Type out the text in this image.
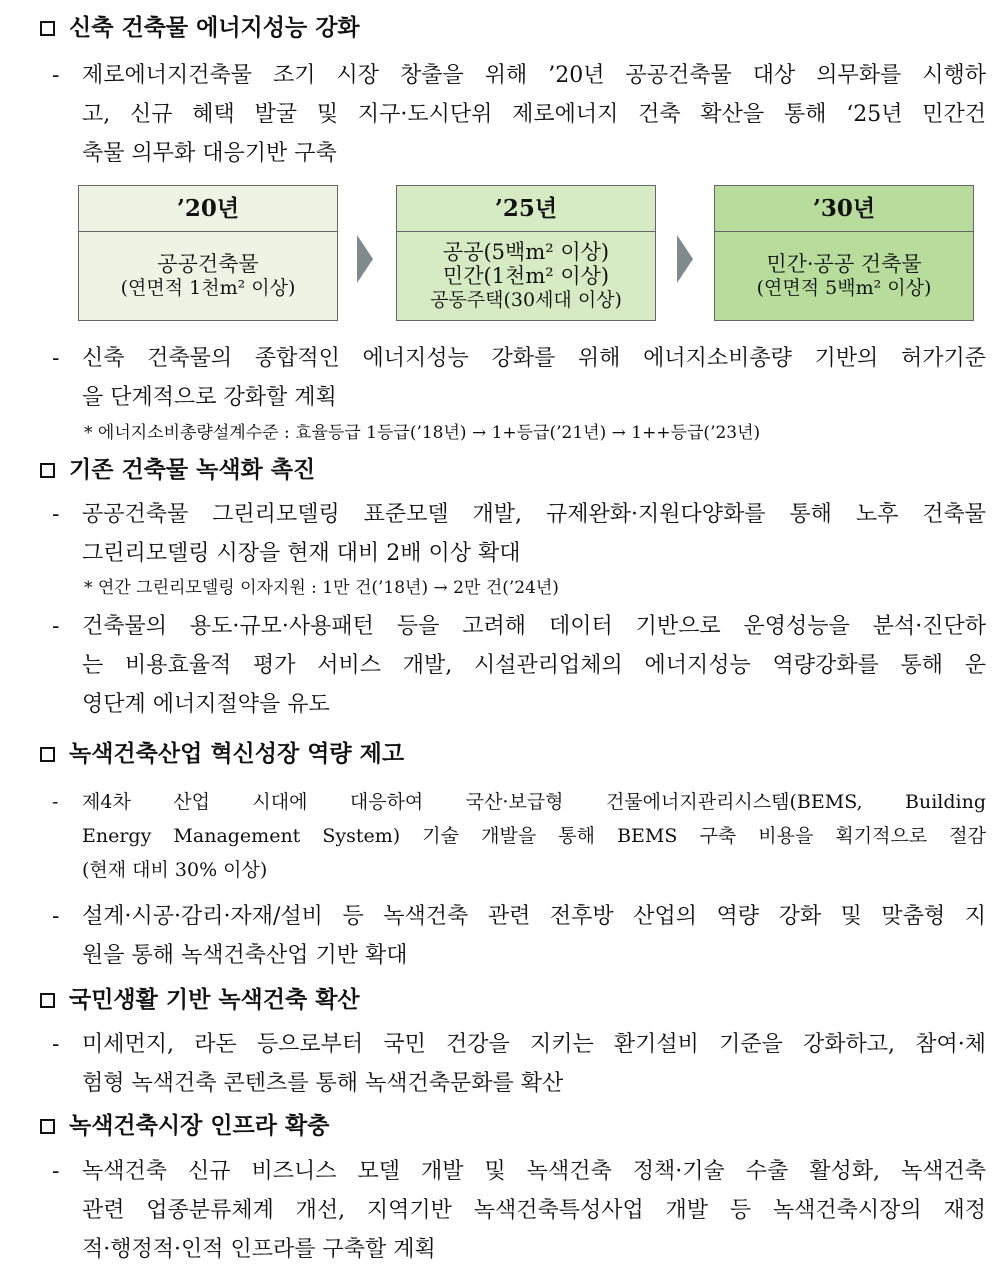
신축 건축물 에너지성능 강화
- 제로에너지건축물 조기 시장 창출을 위해 ’20년 공공건축물 대상 의무화를 시행하
고, 신규 혜택 발굴 및 지구·도시단위 제로에너지 건축 확산을 통해 ‘25년 민간건
축물 의무화 대응기반 구축
’20년
공공건축물
(연면적 1천m² 이상)
’25년
공공(5백m² 이상)
민간(1천m² 이상)
공동주택(30세대 이상)
’30년
민간·공공 건축물
(연면적 5백m² 이상)
- 신축 건축물의 종합적인 에너지성능 강화를 위해 에너지소비총량 기반의 허가기준
을 단계적으로 강화할 계획
* 에너지소비총량설계수준 : 효율등급 1등급(’18년) → 1+등급(’21년) → 1++등급(’23년)
기존 건축물 녹색화 촉진
- 공공건축물 그린리모델링 표준모델 개발, 규제완화·지원다양화를 통해 노후 건축물
그린리모델링 시장을 현재 대비 2배 이상 확대
* 연간 그린리모델링 이자지원 : 1만 건(’18년) → 2만 건(’24년)
- 건축물의 용도·규모·사용패턴 등을 고려해 데이터 기반으로 운영성능을 분석·진단하
는 비용효율적 평가 서비스 개발, 시설관리업체의 에너지성능 역량강화를 통해 운
영단계 에너지절약을 유도
녹색건축산업 혁신성장 역량 제고
- 제4차 산업 시대에 대응하여 국산·보급형 건물에너지관리시스템(BEMS, Building
Energy Management System) 기술 개발을 통해 BEMS 구축 비용을 획기적으로 절감
(현재 대비 30% 이상)
- 설계·시공·감리·자재/설비 등 녹색건축 관련 전후방 산업의 역량 강화 및 맞춤형 지
원을 통해 녹색건축산업 기반 확대
국민생활 기반 녹색건축 확산
- 미세먼지, 라돈 등으로부터 국민 건강을 지키는 환기설비 기준을 강화하고, 참여·체
험형 녹색건축 콘텐츠를 통해 녹색건축문화를 확산
녹색건축시장 인프라 확충
- 녹색건축 신규 비즈니스 모델 개발 및 녹색건축 정책·기술 수출 활성화, 녹색건축
관련 업종분류체계 개선, 지역기반 녹색건축특성사업 개발 등 녹색건축시장의 재정
적·행정적·인적 인프라를 구축할 계획
